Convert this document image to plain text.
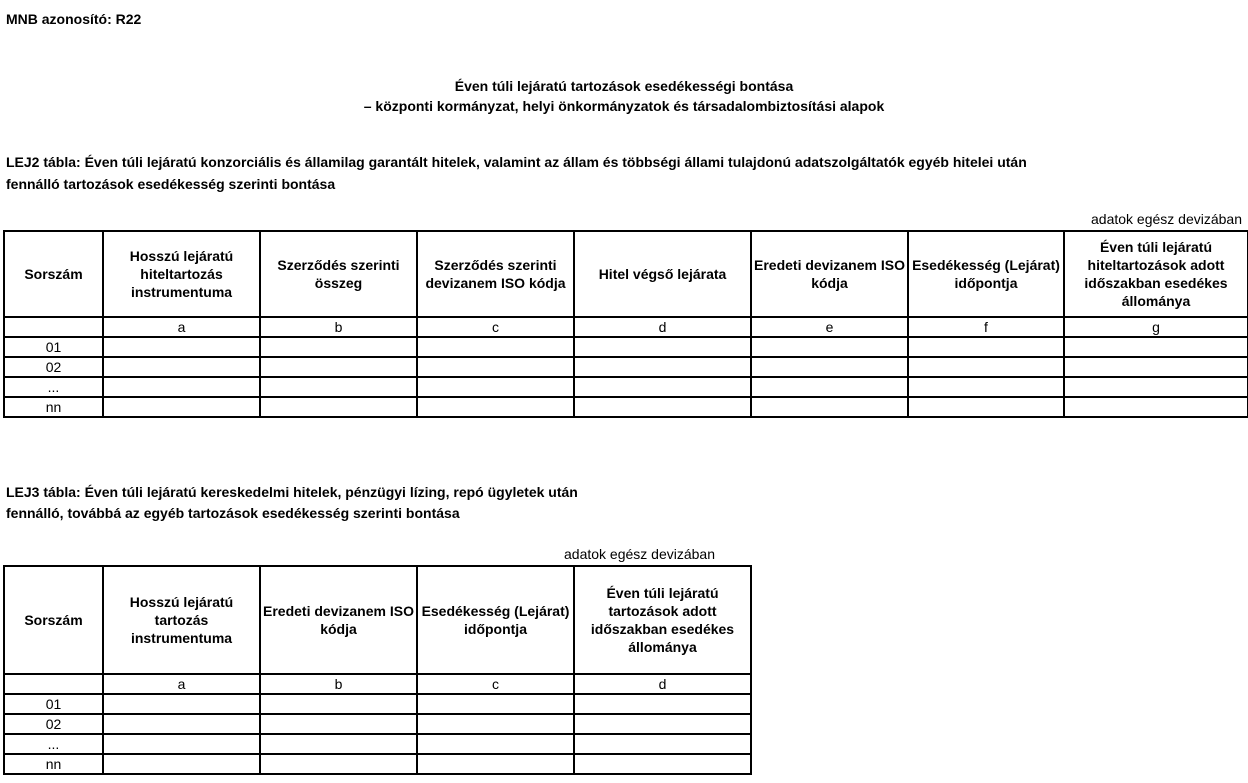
MNB azonosító: R22
Éven túli lejáratú tartozások esedékességi bontása
– központi kormányzat, helyi önkormányzatok és társadalombiztosítási alapok
LEJ2 tábla: Éven túli lejáratú konzorciális és államilag garantált hitelek, valamint az állam és többségi állami tulajdonú adatszolgáltatók egyéb hitelei után
fennálló tartozások esedékesség szerinti bontása
adatok egész devizában
Sorszám	Hosszú lejáratú hiteltartozás instrumentuma	Szerződés szerinti összeg	Szerződés szerinti devizanem ISO kódja	Hitel végső lejárata	Eredeti devizanem ISO kódja	Esedékesség (Lejárat) időpontja	Éven túli lejáratú hiteltartozások adott időszakban esedékes állománya
	a	b	c	d	e	f	g
01							
02							
...							
nn							
LEJ3 tábla: Éven túli lejáratú kereskedelmi hitelek, pénzügyi lízing, repó ügyletek után
fennálló, továbbá az egyéb tartozások esedékesség szerinti bontása
adatok egész devizában
Sorszám	Hosszú lejáratú tartozás instrumentuma	Eredeti devizanem ISO kódja	Esedékesség (Lejárat) időpontja	Éven túli lejáratú tartozások adott időszakban esedékes állománya
	a	b	c	d
01				
02				
...				
nn				
